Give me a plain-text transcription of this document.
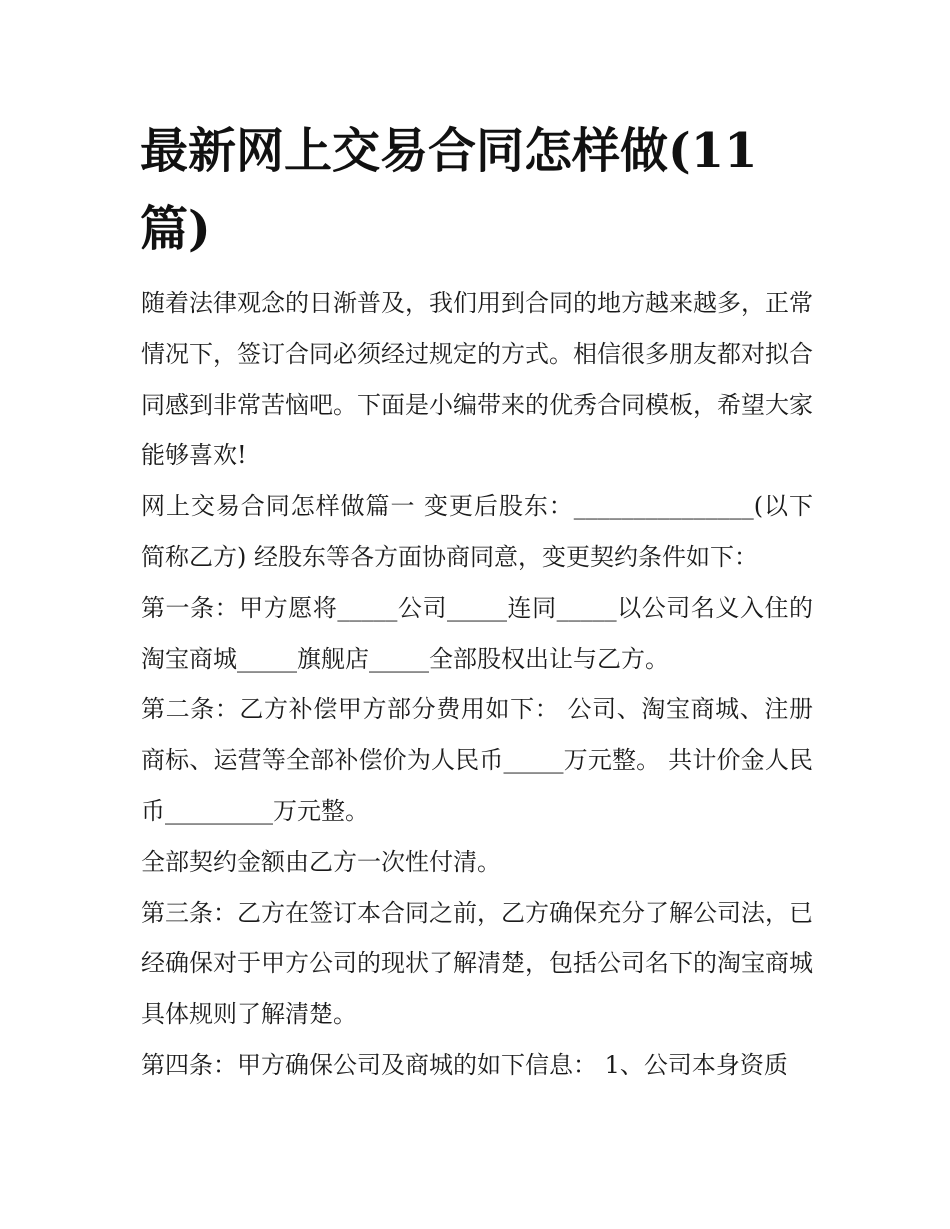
最新网上交易合同怎样做(11篇)

随着法律观念的日渐普及，我们用到合同的地方越来越多，正常情况下，签订合同必须经过规定的方式。相信很多朋友都对拟合同感到非常苦恼吧。下面是小编带来的优秀合同模板，希望大家能够喜欢!

网上交易合同怎样做篇一 变更后股东：_______________(以下简称乙方) 经股东等各方面协商同意，变更契约条件如下：

第一条：甲方愿将_____公司_____连同_____以公司名义入住的淘宝商城_____旗舰店_____全部股权出让与乙方。

第二条：乙方补偿甲方部分费用如下： 公司、淘宝商城、注册商标、运营等全部补偿价为人民币_____万元整。 共计价金人民币_________万元整。

全部契约金额由乙方一次性付清。

第三条：乙方在签订本合同之前，乙方确保充分了解公司法，已经确保对于甲方公司的现状了解清楚，包括公司名下的淘宝商城具体规则了解清楚。

第四条：甲方确保公司及商城的如下信息： 1、公司本身资质
